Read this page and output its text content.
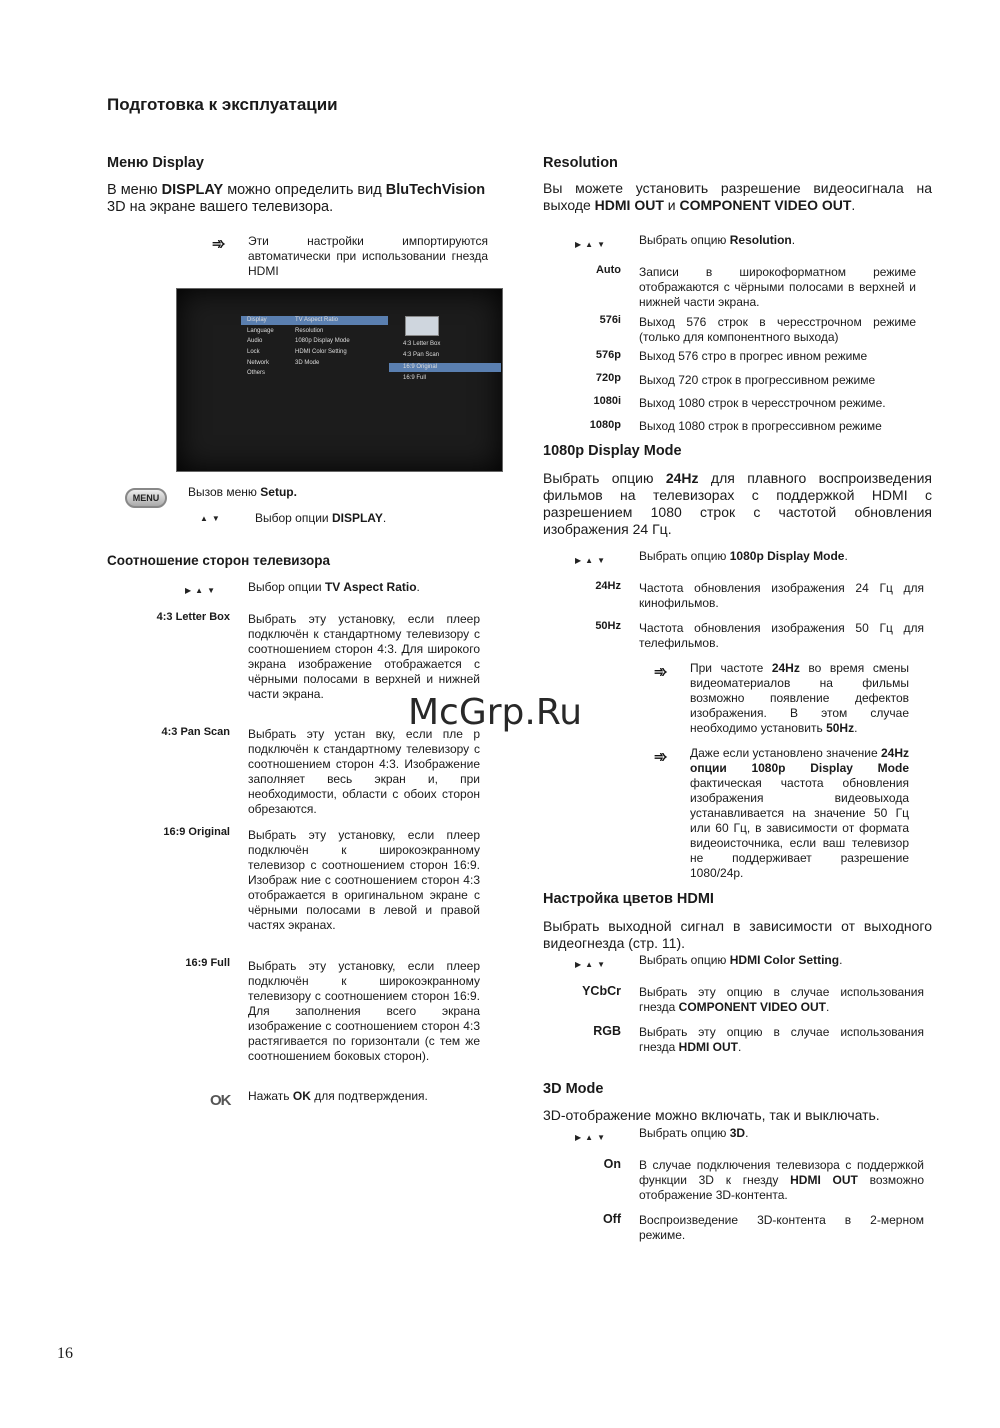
Подготовка к эксплуатации
Меню Display
В меню DISPLAY можно определить вид BluTechVision 3D на экране вашего телевизора.
➾ Эти настройки импортируются автоматически при использовании гнезда HDMI
Display
Language
Audio
Lock
Network
Others
TV Aspect Ratio
Resolution
1080p Display Mode
HDMI Color Setting
3D Mode
4:3 Letter Box
4:3 Pan Scan
16:9 Original
16:9 Full
MENU	Вызов меню Setup.
▲▼	Выбор опции DISPLAY.
Соотношение сторон телевизора
▶▲▼ Выбор опции TV Aspect Ratio.
4:3 Letter Box Выбрать эту установку, если плеер подключён к стандартному телевизору с соотношением сторон 4:3. Для широкого экрана изображение отображается с чёрными полосами в верхней и нижней части экрана.
4:3 Pan Scan Выбрать эту устан вку, если пле р подключён к стандартному телевизору с соотношением сторон 4:3. Изображение заполняет весь экран и, при необходимости, области с обоих сторон обрезаются.
16:9 Original Выбрать эту установку, если плеер подключён к широкоэкранному телевизор с соотношением сторон 16:9. Изображ ние с соотношением сторон 4:3 отображается в оригинальном экране с чёрными полосами в левой и правой частях экранах.
16:9 Full Выбрать эту установку, если плеер подключён к широкоэкранному телевизору с соотношением сторон 16:9. Для заполнения всего экрана изображение с соотношением сторон 4:3 растягивается по горизонтали (с тем же соотношением боковых сторон).
OK Нажать OK для подтверждения.
Resolution
Вы можете установить разрешение видеосигнала на выходе HDMI OUT и COMPONENT VIDEO OUT.
▶▲▼	Выбрать опцию Resolution.
Auto Записи в широкоформатном режиме отображаются с чёрными полосами в верхней и нижней части экрана.
576i Выход 576 строк в чересстрочном режиме (только для компонентного выхода)
576p Выход 576 стро в прогрес ивном режиме
720p Выход 720 строк в прогрессивном режиме
1080i Выход 1080 строк в чересстрочном режиме.
1080p Выход 1080 строк в прогрессивном режиме
1080p Display Mode
Выбрать опцию 24Hz для плавного воспроизведения фильмов на телевизорах с поддержкой HDMI с разрешением 1080 строк с частотой обновления изображения 24 Гц.
▶▲▼	Выбрать опцию 1080p Display Mode.
24Hz Частота обновления изображения 24 Гц для кинофильмов.
50Hz Частота обновления изображения 50 Гц для телефильмов.
➾ При частоте 24Hz во время смены видеоматериалов на фильмы возможно появление дефектов изображения. В этом случае необходимо установить 50Hz.
➾ Даже если установлено значение 24Hz опции 1080p Display Mode фактическая частота обновления изображения видеовыхода устанавливается на значение 50 Гц или 60 Гц, в зависимости от формата видеоисточника, если ваш телевизор не поддерживает разрешение 1080/24p.
Настройка цветов HDMI
Выбрать выходной сигнал в зависимости от выходного видеогнезда (стр. 11).
▶▲▼	Выбрать опцию HDMI Color Setting.
YCbCr Выбрать эту опцию в случае использования гнезда COMPONENT VIDEO OUT.
RGB Выбрать эту опцию в случае использования гнезда HDMI OUT.
3D Mode
3D-отображение можно включать, так и выключать.
▶▲▼	Выбрать опцию 3D.
On В случае подключения телевизора с поддержкой функции 3D к гнезду HDMI OUT возможно отображение 3D-контента.
Off Воспроизведение 3D-контента в 2-мерном режиме.
McGrp.Ru
16
